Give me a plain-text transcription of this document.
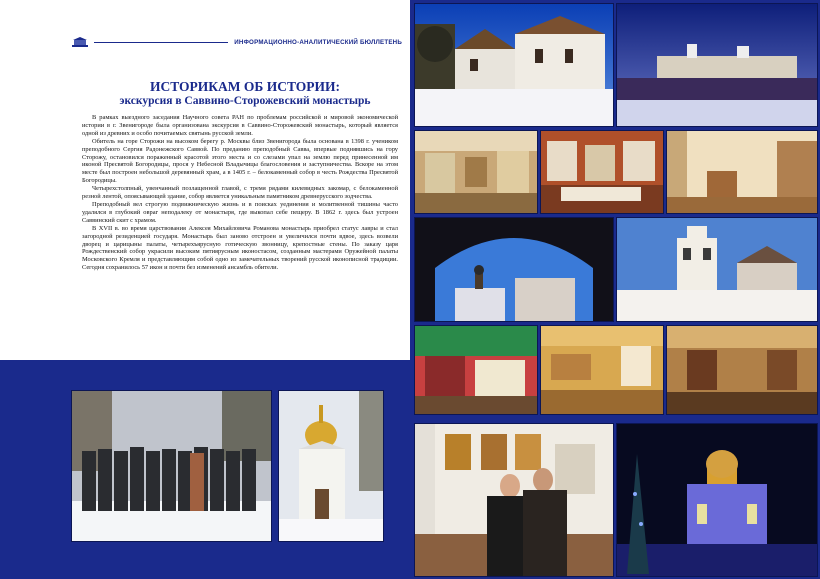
ИНФОРМАЦИОННО-АНАЛИТИЧЕСКИЙ БЮЛЛЕТЕНЬ
ИСТОРИКАМ ОБ ИСТОРИИ:
экскурсия в Саввино-Сторожевский монастырь

В рамках выездного заседания Научного совета РАН по проблемам российской и мировой экономической истории в г. Звенигороде была организована экскурсия в Саввино-Сторожевский монастырь, который является одной из древних и особо почитаемых святынь русской земли.

Обитель на горе Сторожи на высоком берегу р. Москвы близ Звенигорода была основана в 1398 г. учеником преподобного Сергия Радонежского Саввой. По преданию преподобный Савва, впервые поднявшись на гору Сторожу, остановился пораженный красотой этого места и со слезами упал на землю перед принесенной им иконой Пресвятой Богородицы, прося у Небесной Владычицы благословения и заступничества. Вскоре на этом месте был построен небольшой деревянный храм, а в 1405 г. – белокаменный собор в честь Рождества Пресвятой Богородицы.

Четырехстолпный, увенчанный позлащенной главой, с тремя рядами килевидных закомар, с белокаменной резной лентой, опоясывающей здание, собор является уникальным памятником древнерусского зодчества.

Преподобный вел строгую подвижническую жизнь и в поисках уединения и молитвенной тишины часто удалялся в глубокий овраг неподалеку от монастыря, где выкопал себе пещеру. В 1862 г. здесь был устроен Саввинский скит с храмом.

В XVII в. во время царствования Алексея Михайловича Романова монастырь приобрел статус лавры и стал загородной резиденцией государя. Монастырь был заново отстроен и увеличился почти вдвое, здесь возвели дворец и царицыны палаты, четырехъярусную готическую звонницу, крепостные стены. По заказу царя Рождественский собор украсили высоким пятиярусным иконостасом, созданным мастерами Оружейной палаты Московского Кремля и представляющим собой одно из замечательных творений русской иконописной традиции. Сегодня сохранилось 57 икон и почти без изменений ансамбль обители.
